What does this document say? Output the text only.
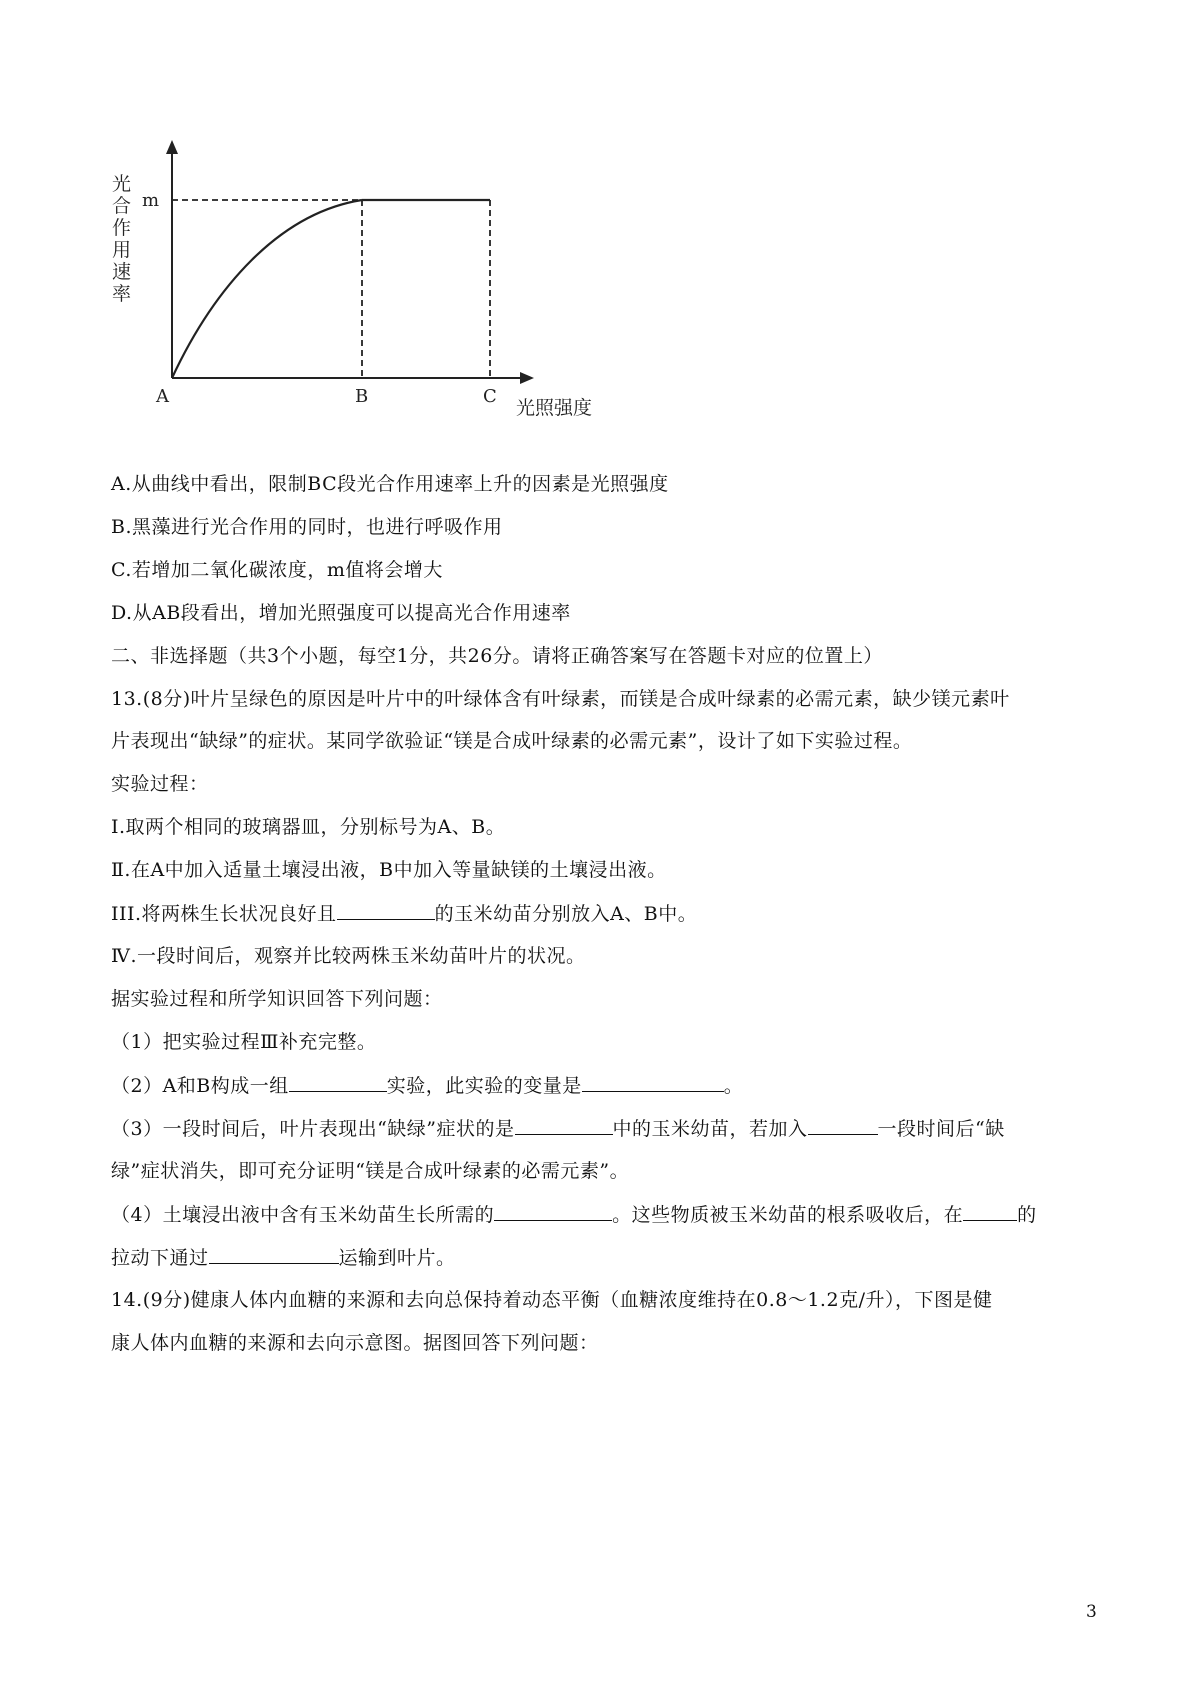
光
合
作
用
速
率
m
A	B	C
光照强度
A.从曲线中看出，限制BC段光合作用速率上升的因素是光照强度
B.黑藻进行光合作用的同时，也进行呼吸作用
C.若增加二氧化碳浓度，m值将会增大
D.从AB段看出，增加光照强度可以提高光合作用速率
二、非选择题（共3个小题，每空1分，共26分。请将正确答案写在答题卡对应的位置上）
13.(8分)叶片呈绿色的原因是叶片中的叶绿体含有叶绿素，而镁是合成叶绿素的必需元素，缺少镁元素叶
片表现出“缺绿”的症状。某同学欲验证“镁是合成叶绿素的必需元素”，设计了如下实验过程。
实验过程：
Ⅰ.取两个相同的玻璃器皿，分别标号为A、B。
Ⅱ.在A中加入适量土壤浸出液，B中加入等量缺镁的土壤浸出液。
III.将两株生长状况良好且	的玉米幼苗分别放入A、B中。
Ⅳ.一段时间后，观察并比较两株玉米幼苗叶片的状况。
据实验过程和所学知识回答下列问题：
（1）把实验过程Ⅲ补充完整。
（2）A和B构成一组	实验，此实验的变量是	。
（3）一段时间后，叶片表现出“缺绿”症状的是	中的玉米幼苗，若加入	一段时间后“缺
绿”症状消失，即可充分证明“镁是合成叶绿素的必需元素”。
（4）土壤浸出液中含有玉米幼苗生长所需的	。这些物质被玉米幼苗的根系吸收后，在	的
拉动下通过	运输到叶片。
14.(9分)健康人体内血糖的来源和去向总保持着动态平衡（血糖浓度维持在0.8～1.2克/升），下图是健
康人体内血糖的来源和去向示意图。据图回答下列问题：
3
